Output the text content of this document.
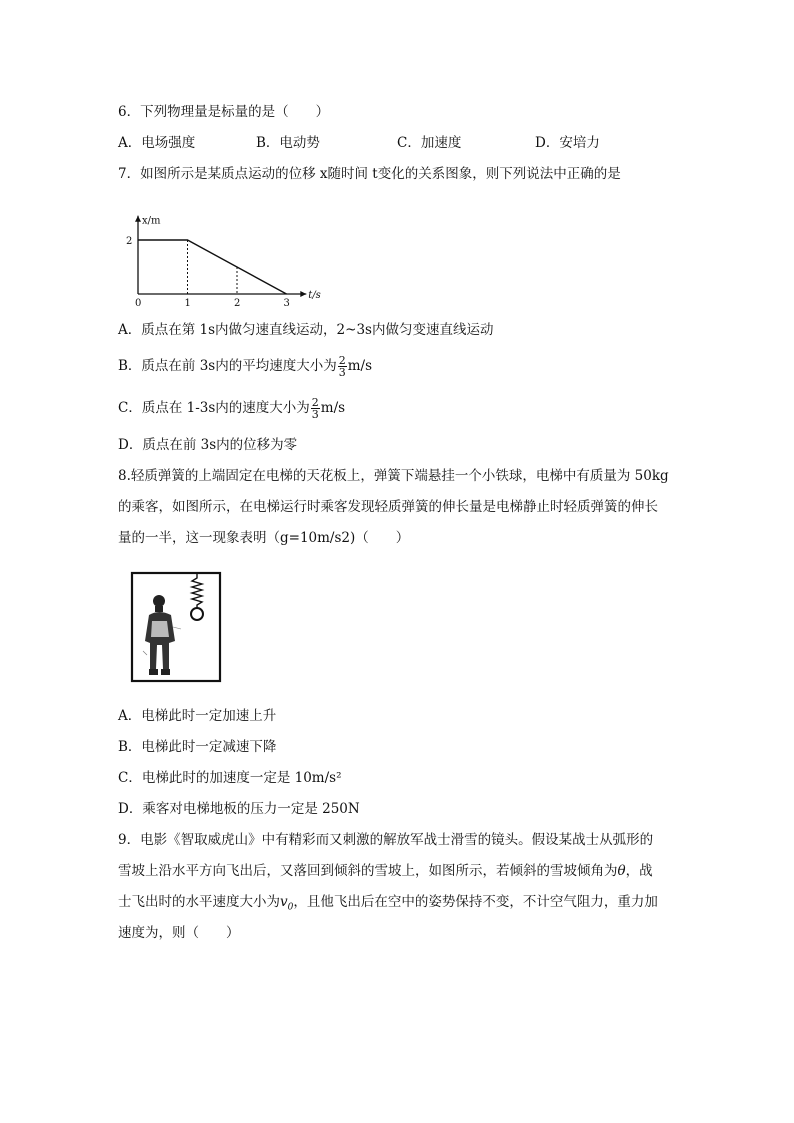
6．下列物理量是标量的是（　　）
A．电场强度	B．电动势	C．加速度	D．安培力
7．如图所示是某质点运动的位移 x随时间 t变化的关系图象，则下列说法中正确的是
x/m
t/s
0	1	2	3
2
A．质点在第 1s内做匀速直线运动，2~3s内做匀变速直线运动
B．质点在前 3s内的平均速度大小为 $\frac{2}{3} m/s$
C．质点在 1-3s内的速度大小为 $\frac{2}{3} m/s$
D．质点在前 3s内的位移为零
8.轻质弹簧的上端固定在电梯的天花板上，弹簧下端悬挂一个小铁球，电梯中有质量为 50kg
的乘客，如图所示，在电梯运行时乘客发现轻质弹簧的伸长量是电梯静止时轻质弹簧的伸长
量的一半，这一现象表明（g=10m/s2)（　　）
A．电梯此时一定加速上升
B．电梯此时一定减速下降
C．电梯此时的加速度一定是 10m/s²
D．乘客对电梯地板的压力一定是 250N
9．电影《智取威虎山》中有精彩而又刺激的解放军战士滑雪的镜头。假设某战士从弧形的
雪坡上沿水平方向飞出后，又落回到倾斜的雪坡上，如图所示，若倾斜的雪坡倾角为θ，战
士飞出时的水平速度大小为$v_0$，且他飞出后在空中的姿势保持不变，不计空气阻力，重力加
速度为，则（　　）
